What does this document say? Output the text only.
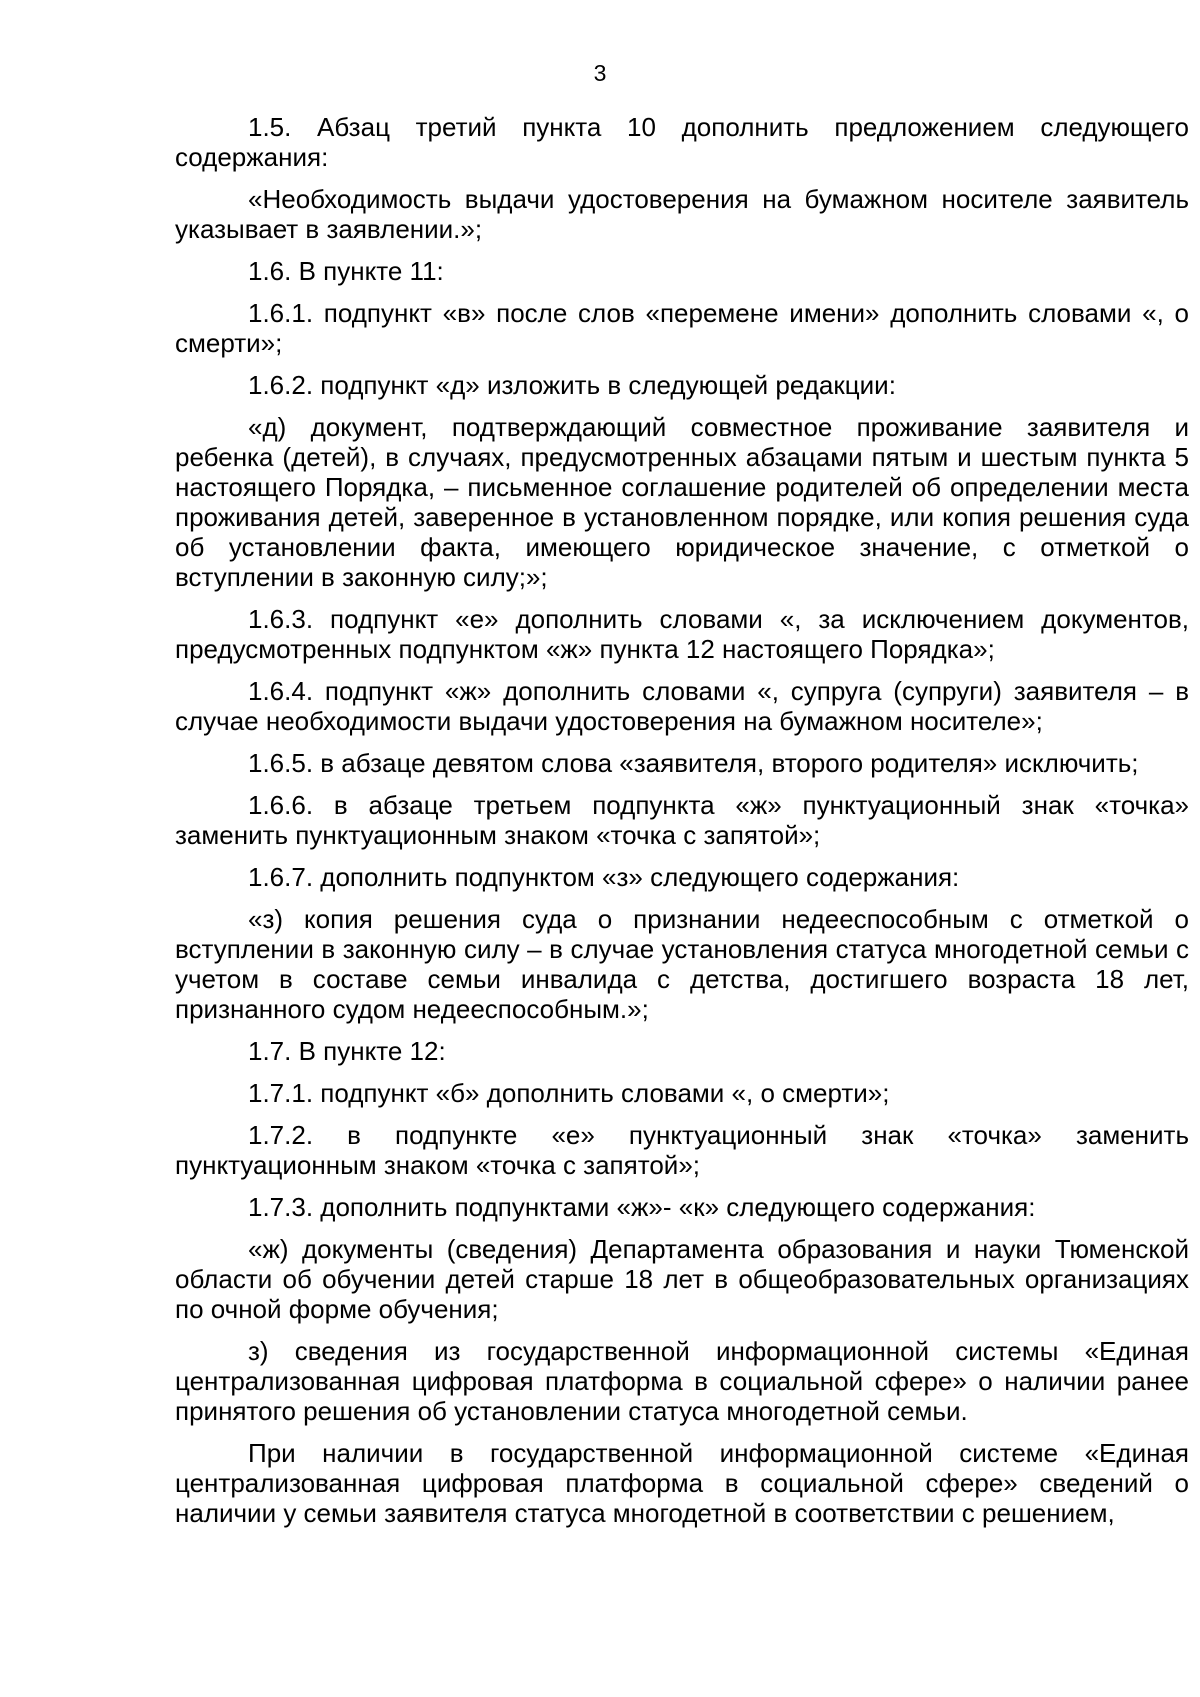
3

1.5. Абзац третий пункта 10 дополнить предложением следующего содержания:

«Необходимость выдачи удостоверения на бумажном носителе заявитель указывает в заявлении.»;

1.6. В пункте 11:

1.6.1. подпункт «в» после слов «перемене имени» дополнить словами «, о смерти»;

1.6.2. подпункт «д» изложить в следующей редакции:

«д) документ, подтверждающий совместное проживание заявителя и ребенка (детей), в случаях, предусмотренных абзацами пятым и шестым пункта 5 настоящего Порядка, – письменное соглашение родителей об определении места проживания детей, заверенное в установленном порядке, или копия решения суда об установлении факта, имеющего юридическое значение, с отметкой о вступлении в законную силу;»;

1.6.3. подпункт «е» дополнить словами «, за исключением документов, предусмотренных подпунктом «ж» пункта 12 настоящего Порядка»;

1.6.4. подпункт «ж» дополнить словами «, супруга (супруги) заявителя – в случае необходимости выдачи удостоверения на бумажном носителе»;

1.6.5. в абзаце девятом слова «заявителя, второго родителя» исключить;

1.6.6. в абзаце третьем подпункта «ж» пунктуационный знак «точка» заменить пунктуационным знаком «точка с запятой»;

1.6.7. дополнить подпунктом «з» следующего содержания:

«з) копия решения суда о признании недееспособным с отметкой о вступлении в законную силу – в случае установления статуса многодетной семьи с учетом в составе семьи инвалида с детства, достигшего возраста 18 лет, признанного судом недееспособным.»;

1.7. В пункте 12:

1.7.1. подпункт «б» дополнить словами «, о смерти»;

1.7.2. в подпункте «е» пунктуационный знак «точка» заменить пунктуационным знаком «точка с запятой»;

1.7.3. дополнить подпунктами «ж»- «к» следующего содержания:

«ж) документы (сведения) Департамента образования и науки Тюменской области об обучении детей старше 18 лет в общеобразовательных организациях по очной форме обучения;

з) сведения из государственной информационной системы «Единая централизованная цифровая платформа в социальной сфере» о наличии ранее принятого решения об установлении статуса многодетной семьи.

При наличии в государственной информационной системе «Единая централизованная цифровая платформа в социальной сфере» сведений о наличии у семьи заявителя статуса многодетной в соответствии с решением,
